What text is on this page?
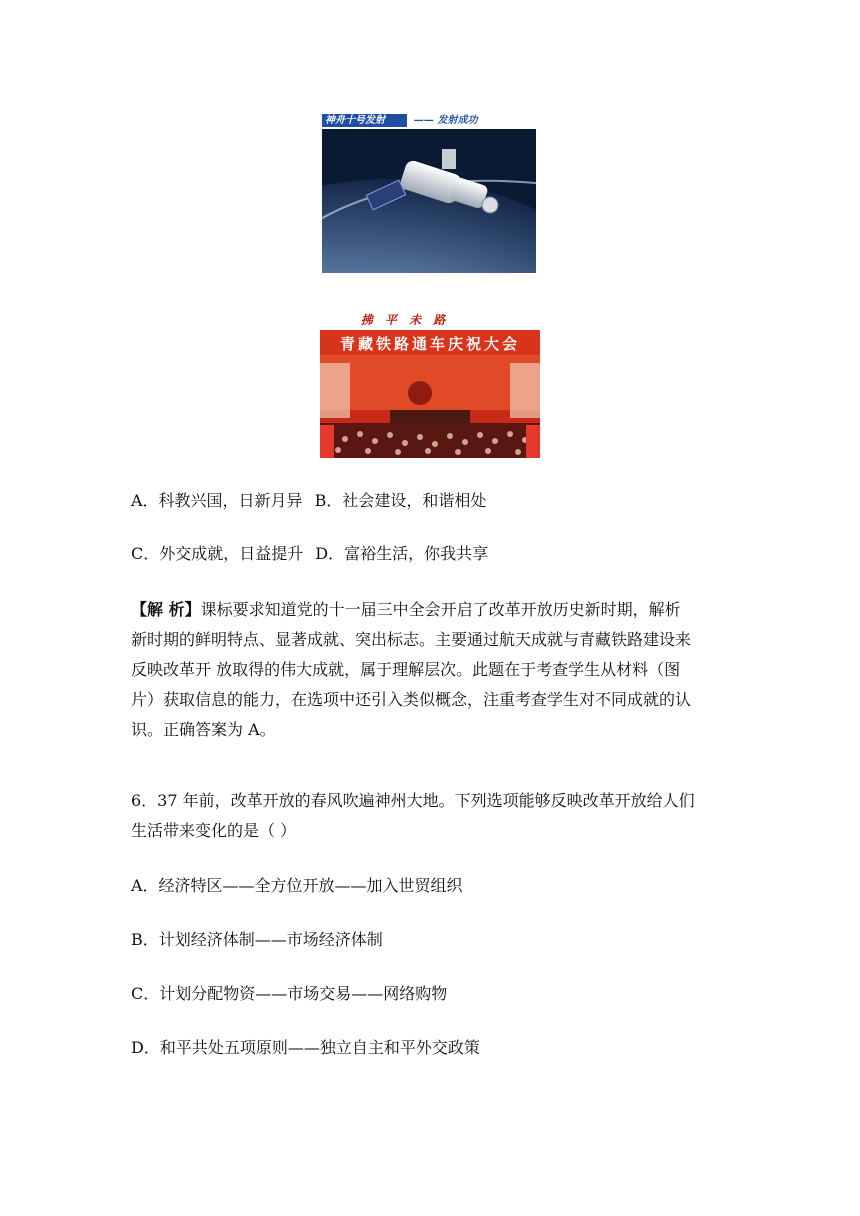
神舟十号发射	—— 发射成功
拂 平 未 路
青藏铁路通车庆祝大会
A．科教兴国，日新月异 B．社会建设，和谐相处
C．外交成就，日益提升 D．富裕生活，你我共享
【解 析】课标要求知道党的十一届三中全会开启了改革开放历史新时期，解析
新时期的鲜明特点、显著成就、突出标志。主要通过航天成就与青藏铁路建设来
反映改革开 放取得的伟大成就，属于理解层次。此题在于考查学生从材料（图
片）获取信息的能力，在选项中还引入类似概念，注重考查学生对不同成就的认
识。正确答案为 A。
6．37 年前，改革开放的春风吹遍神州大地。下列选项能够反映改革开放给人们
生活带来变化的是（ ）
A．经济特区——全方位开放——加入世贸组织
B．计划经济体制——市场经济体制
C．计划分配物资——市场交易——网络购物
D．和平共处五项原则——独立自主和平外交政策
